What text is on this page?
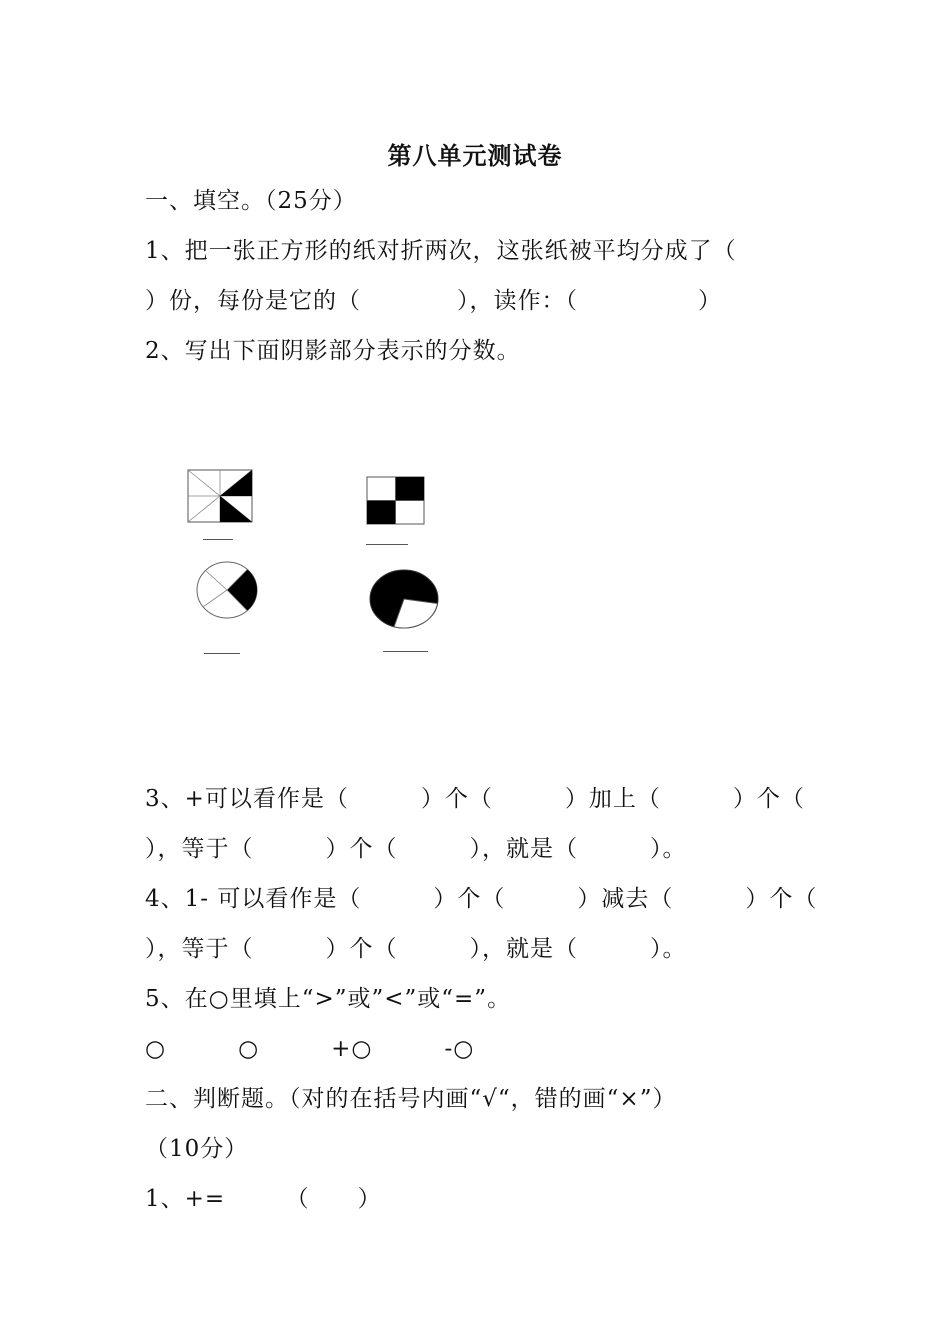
第八单元测试卷
一、填空。（25分）
1、把一张正方形的纸对折两次，这张纸被平均分成了（
）份，每份是它的（　　　　），读作：（　　　　　）
2、写出下面阴影部分表示的分数。
3、+可以看作是（　　　）个（　　　）加上（　　　）个（
），等于（　　　）个（　　　），就是（　　　）。
4、1- 可以看作是（　　　）个（　　　）减去（　　　）个（
），等于（　　　）个（　　　），就是（　　　）。
5、在○里填上“>”或”<”或“=”。
○　　　○　　　+○　　　-○
二、判断题。（对的在括号内画“√“，错的画“×”）
（10分）
1、+=　　　（　　）
